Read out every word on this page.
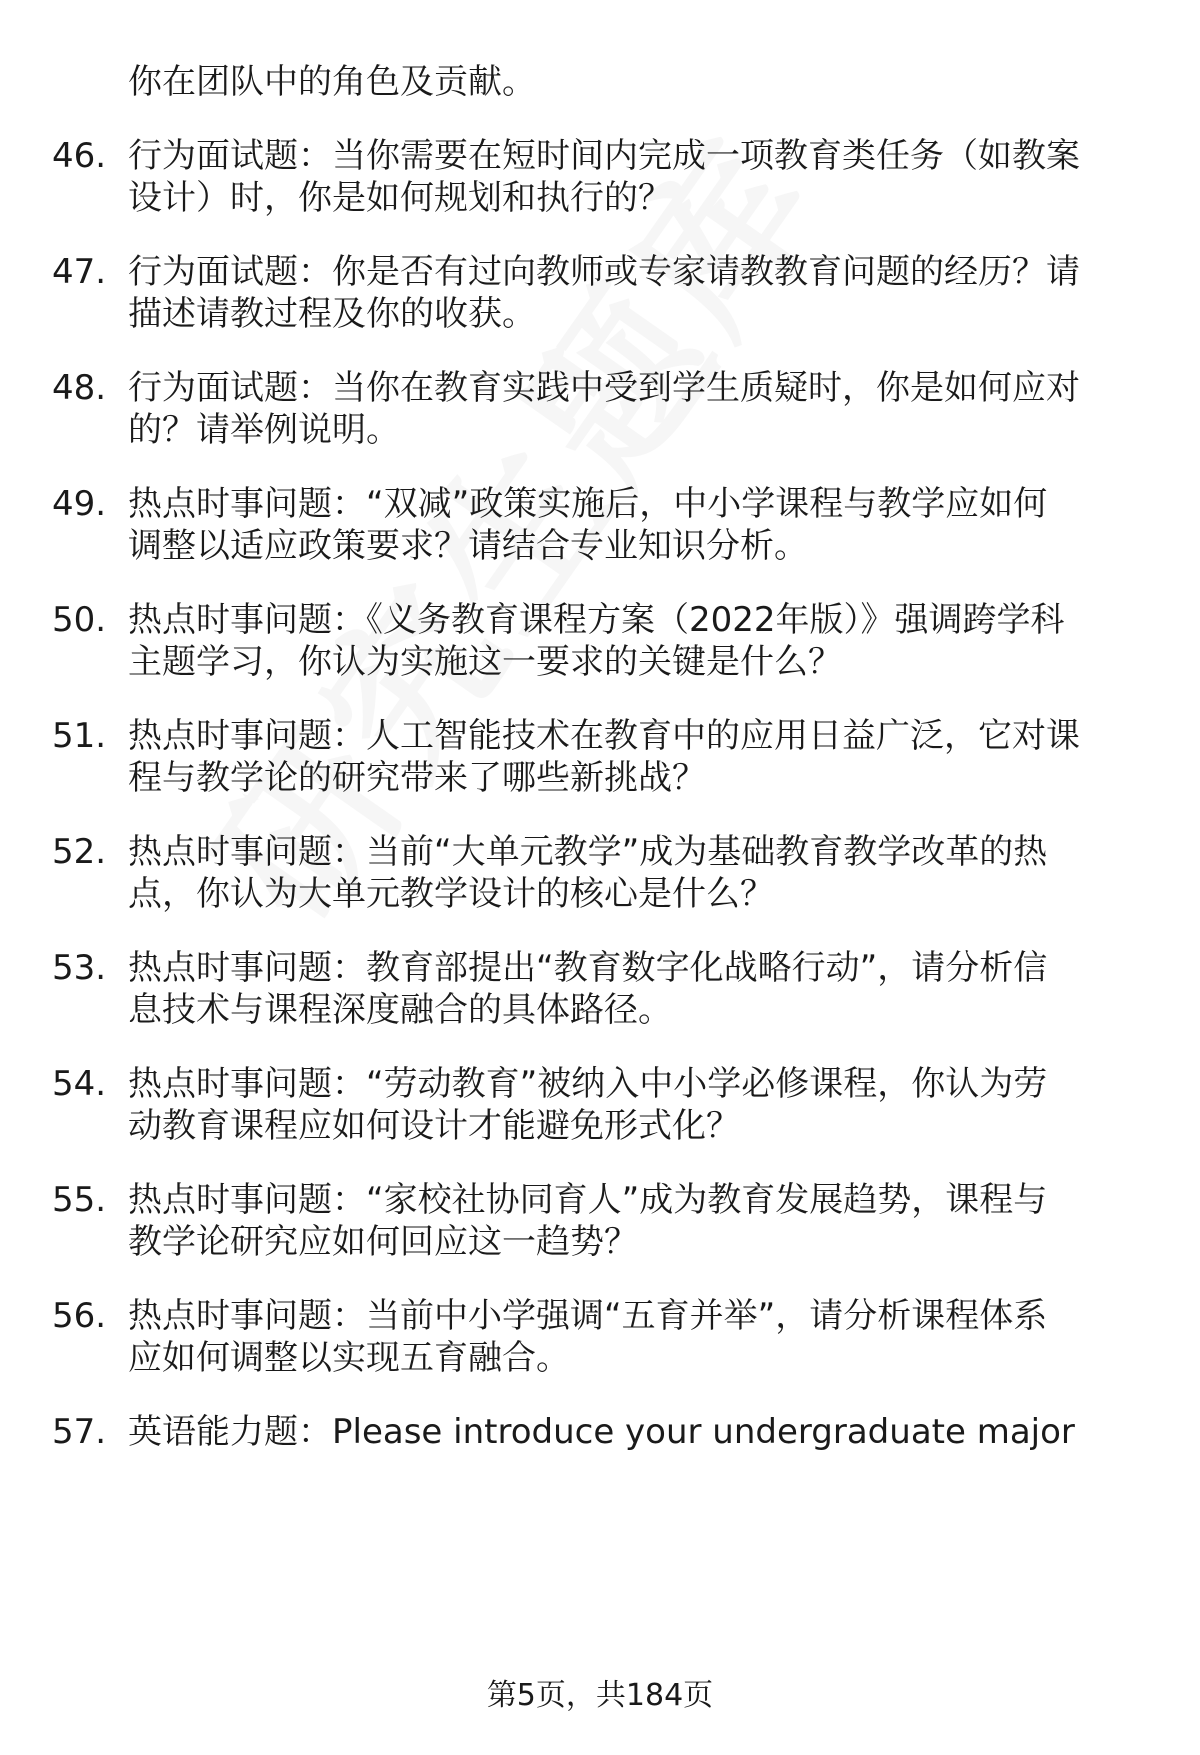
你在团队中的角色及贡献。
46. 行为面试题：当你需要在短时间内完成一项教育类任务（如教案
设计）时，你是如何规划和执行的？
47. 行为面试题：你是否有过向教师或专家请教教育问题的经历？请
描述请教过程及你的收获。
48. 行为面试题：当你在教育实践中受到学生质疑时，你是如何应对
的？请举例说明。
49. 热点时事问题：“双减”政策实施后，中小学课程与教学应如何
调整以适应政策要求？请结合专业知识分析。
50. 热点时事问题：《义务教育课程方案（2022年版）》强调跨学科
主题学习，你认为实施这一要求的关键是什么？
51. 热点时事问题：人工智能技术在教育中的应用日益广泛，它对课
程与教学论的研究带来了哪些新挑战？
52. 热点时事问题：当前“大单元教学”成为基础教育教学改革的热
点，你认为大单元教学设计的核心是什么？
53. 热点时事问题：教育部提出“教育数字化战略行动”，请分析信
息技术与课程深度融合的具体路径。
54. 热点时事问题：“劳动教育”被纳入中小学必修课程，你认为劳
动教育课程应如何设计才能避免形式化？
55. 热点时事问题：“家校社协同育人”成为教育发展趋势，课程与
教学论研究应如何回应这一趋势？
56. 热点时事问题：当前中小学强调“五育并举”，请分析课程体系
应如何调整以实现五育融合。
57. 英语能力题：Please introduce your undergraduate major
第5页，共184页
